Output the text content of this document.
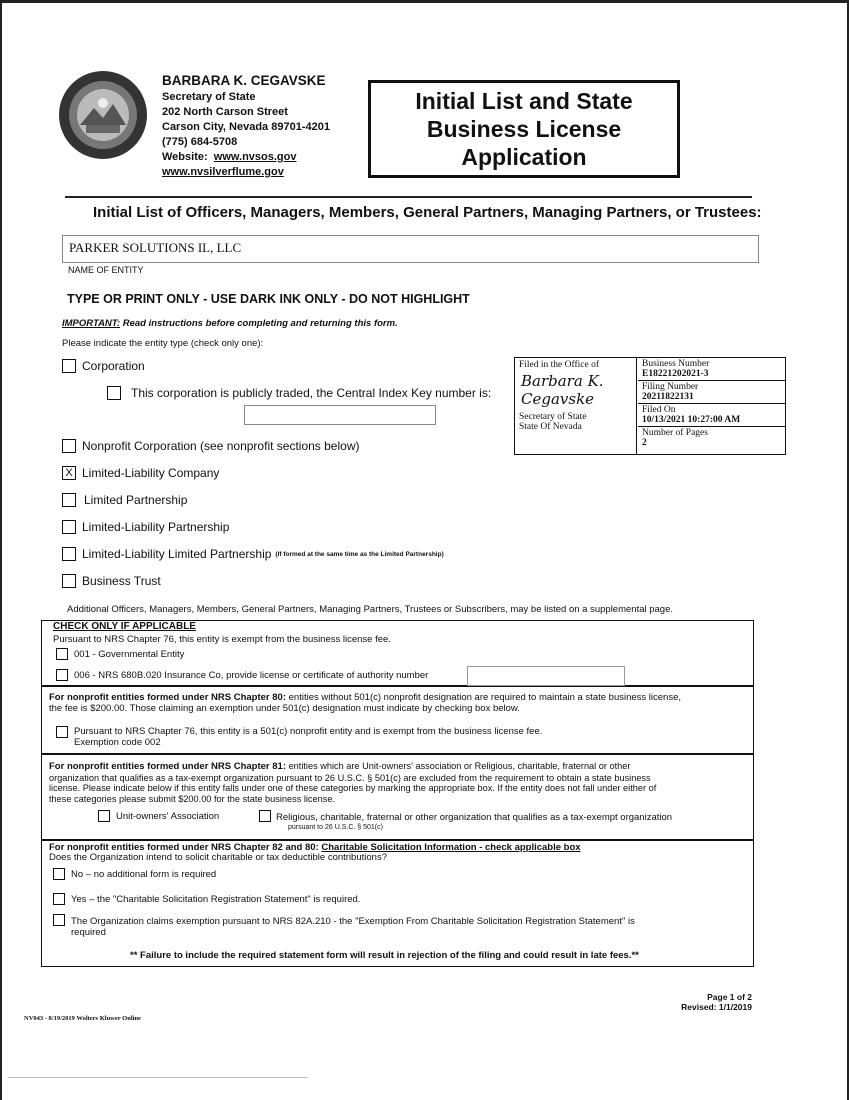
BARBARA K. CEGAVSKE
Secretary of State
202 North Carson Street
Carson City, Nevada 89701-4201
(775) 684-5708
Website: www.nvsos.gov
www.nvsilverflume.gov
Initial List and State
Business License
Application
Initial List of Officers, Managers, Members, General Partners, Managing Partners, or Trustees:
PARKER SOLUTIONS IL, LLC
NAME OF ENTITY
TYPE OR PRINT ONLY - USE DARK INK ONLY - DO NOT HIGHLIGHT
IMPORTANT: Read instructions before completing and returning this form.
Please indicate the entity type (check only one):
Corporation
This corporation is publicly traded, the Central Index Key number is:
Nonprofit Corporation (see nonprofit sections below)
X Limited-Liability Company
Limited Partnership
Limited-Liability Partnership
Limited-Liability Limited Partnership (If formed at the same time as the Limited Partnership)
Business Trust
Filed in the Office of
Barbara K. Cegavske
Secretary of State
State Of Nevada
Business Number
E18221202021-3
Filing Number
20211822131
Filed On
10/13/2021 10:27:00 AM
Number of Pages
2
Additional Officers, Managers, Members, General Partners, Managing Partners, Trustees or Subscribers, may be listed on a supplemental page.
CHECK ONLY IF APPLICABLE
Pursuant to NRS Chapter 76, this entity is exempt from the business license fee.
001 - Governmental Entity
006 - NRS 680B.020 Insurance Co, provide license or certificate of authority number
For nonprofit entities formed under NRS Chapter 80: entities without 501(c) nonprofit designation are required to maintain a state business license,
the fee is $200.00. Those claiming an exemption under 501(c) designation must indicate by checking box below.
Pursuant to NRS Chapter 76, this entity is a 501(c) nonprofit entity and is exempt from the business license fee.
Exemption code 002
For nonprofit entities formed under NRS Chapter 81: entities which are Unit-owners' association or Religious, charitable, fraternal or other
organization that qualifies as a tax-exempt organization pursuant to 26 U.S.C. § 501(c) are excluded from the requirement to obtain a state business
license. Please indicate below if this entity falls under one of these categories by marking the appropriate box. If the entity does not fall under either of
these categories please submit $200.00 for the state business license.
Unit-owners' Association	Religious, charitable, fraternal or other organization that qualifies as a tax-exempt organization
pursuant to 26 U.S.C. § 501(c)
For nonprofit entities formed under NRS Chapter 82 and 80: Charitable Solicitation Information - check applicable box
Does the Organization intend to solicit charitable or tax deductible contributions?
No – no additional form is required
Yes – the "Charitable Solicitation Registration Statement" is required.
The Organization claims exemption pursuant to NRS 82A.210 - the "Exemption From Charitable Solicitation Registration Statement" is
required
** Failure to include the required statement form will result in rejection of the filing and could result in late fees.**
Page 1 of 2
Revised: 1/1/2019
NV043 - 8/19/2019 Wolters Kluwer Online
